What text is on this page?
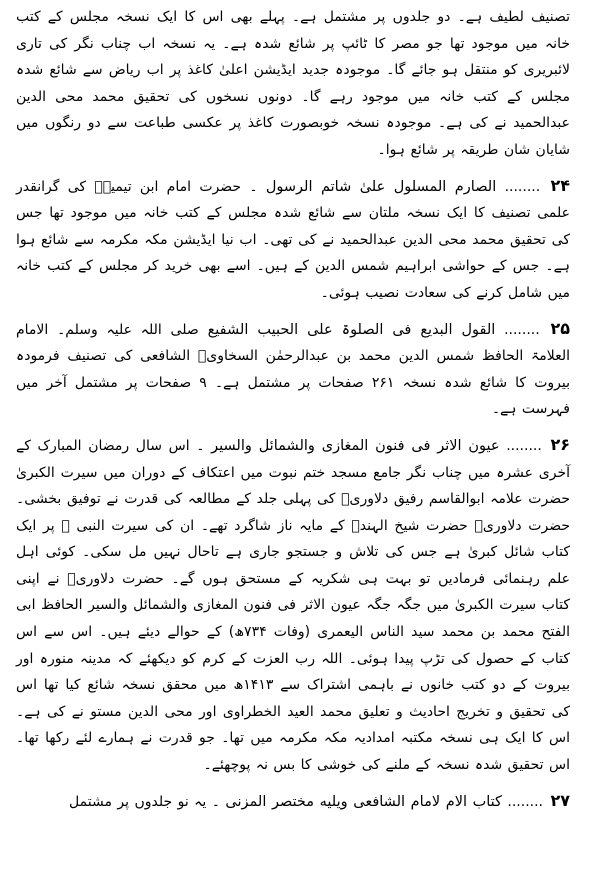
تصنیف لطیف ہے۔ دو جلدوں پر مشتمل ہے۔ پہلے بھی اس کا ایک نسخہ مجلس کے کتب خانہ میں موجود تھا جو مصر کا ٹائپ پر شائع شدہ ہے۔ یہ نسخہ اب چناب نگر کی تاری لائبریری کو منتقل ہو جائے گا۔ موجودہ جدید ایڈیشن اعلیٰ کاغذ پر اب ریاض سے شائع شدہ مجلس کے کتب خانہ میں موجود رہے گا۔ دونوں نسخوں کی تحقیق محمد محی الدین عبدالحمید نے کی ہے۔ موجودہ نسخہ خوبصورت کاغذ پر عکسی طباعت سے دو رنگوں میں شایان شان طریقہ پر شائع ہوا۔

۲۴ ........ الصارم المسلول علیٰ شاتم الرسول ۔ حضرت امام ابن تیمیہؒ کی گرانقدر علمی تصنیف کا ایک نسخہ ملتان سے شائع شدہ مجلس کے کتب خانہ میں موجود تھا جس کی تحقیق محمد محی الدین عبدالحمید نے کی تھی۔ اب نیا ایڈیشن مکہ مکرمہ سے شائع ہوا ہے۔ جس کے حواشی ابراہیم شمس الدین کے ہیں۔ اسے بھی خرید کر مجلس کے کتب خانہ میں شامل کرنے کی سعادت نصیب ہوئی۔

۲۵ ........ القول البدیع فی الصلوۃ علی الحبیب الشفیع صلی اللہ علیہ وسلم۔ الامام العلامۃ الحافظ شمس الدین محمد بن عبدالرحمٰن السخاویؒ الشافعی کی تصنیف فرمودہ بیروت کا شائع شدہ نسخہ ۲۶۱ صفحات پر مشتمل ہے۔ ۹ صفحات پر مشتمل آخر میں فہرست ہے۔

۲۶ ........ عیون الاثر فی فنون المغازی والشمائل والسیر ۔ اس سال رمضان المبارک کے آخری عشرہ میں چناب نگر جامع مسجد ختم نبوت میں اعتکاف کے دوران میں سیرت الکبریٰ حضرت علامہ ابوالقاسم رفیق دلاوریؒ کی پہلی جلد کے مطالعہ کی قدرت نے توفیق بخشی۔ حضرت دلاوریؒ حضرت شیخ الہندؒ کے مایہ ناز شاگرد تھے۔ ان کی سیرت النبی ﷺ پر ایک کتاب شائل کبریٰ ہے جس کی تلاش و جستجو جاری ہے تاحال نہیں مل سکی۔ کوئی اہل علم رہنمائی فرمادیں تو بہت ہی شکریہ کے مستحق ہوں گے۔ حضرت دلاوریؒ نے اپنی کتاب سیرت الکبریٰ میں جگہ جگہ عیون الاثر فی فنون المغازی والشمائل والسیر الحافظ ابی الفتح محمد بن محمد سید الناس الیعمری (وفات ۷۳۴ھ) کے حوالے دیئے ہیں۔ اس سے اس کتاب کے حصول کی تڑپ پیدا ہوئی۔ اللہ رب العزت کے کرم کو دیکھئے کہ مدینہ منورہ اور بیروت کے دو کتب خانوں نے باہمی اشتراک سے ۱۴۱۳ھ میں محقق نسخہ شائع کیا تھا اس کی تحقیق و تخریج احادیث و تعلیق محمد العید الخطراوی اور محی الدین مستو نے کی ہے۔ اس کا ایک ہی نسخہ مکتبہ امدادیہ مکہ مکرمہ میں تھا۔ جو قدرت نے ہمارے لئے رکھا تھا۔ اس تحقیق شدہ نسخہ کے ملنے کی خوشی کا بس نہ پوچھئے۔

۲۷ ........ کتاب الام لامام الشافعی ویلیه مختصر المزنی ۔ یہ نو جلدوں پر مشتمل
